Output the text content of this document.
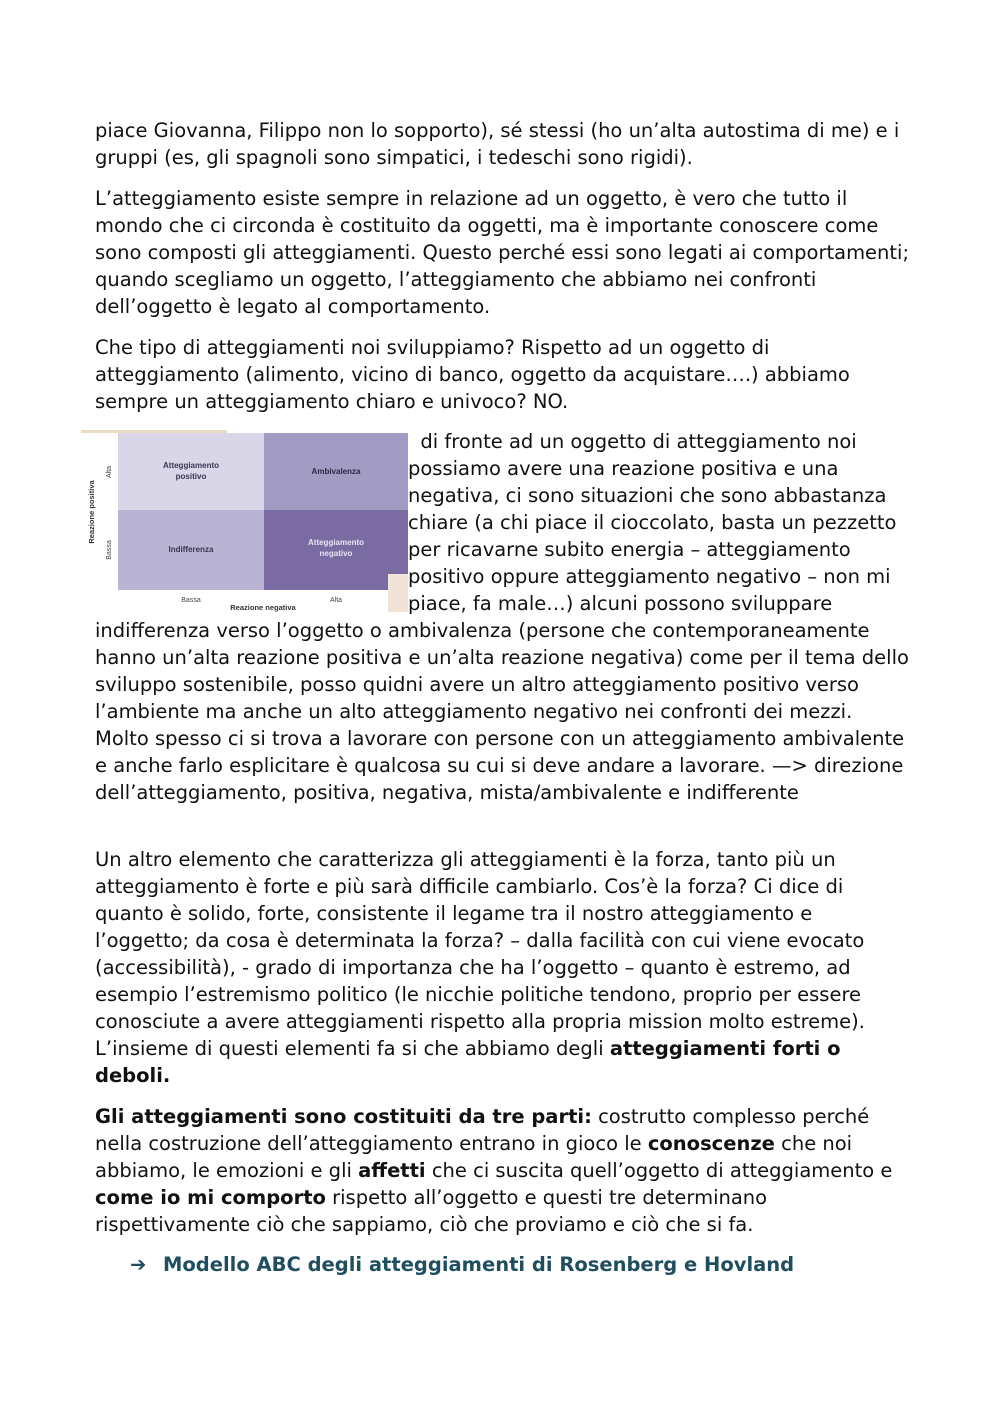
piace Giovanna, Filippo non lo sopporto), sé stessi (ho un’alta autostima di me) e i gruppi (es, gli spagnoli sono simpatici, i tedeschi sono rigidi).

L’atteggiamento esiste sempre in relazione ad un oggetto, è vero che tutto il mondo che ci circonda è costituito da oggetti, ma è importante conoscere come sono composti gli atteggiamenti. Questo perché essi sono legati ai comportamenti; quando scegliamo un oggetto, l’atteggiamento che abbiamo nei confronti dell’oggetto è legato al comportamento.

Che tipo di atteggiamenti noi sviluppiamo? Rispetto ad un oggetto di atteggiamento (alimento, vicino di banco, oggetto da acquistare….) abbiamo sempre un atteggiamento chiaro e univoco? NO.

Atteggiamento
positivo
Ambivalenza
Indifferenza
Atteggiamento
negativo
Reazione positiva
Alta
Bassa
Bassa	Alta
Reazione negativa

di fronte ad un oggetto di atteggiamento noi possiamo avere una reazione positiva e una negativa, ci sono situazioni che sono abbastanza chiare (a chi piace il cioccolato, basta un pezzetto per ricavarne subito energia – atteggiamento positivo oppure atteggiamento negativo – non mi piace, fa male…) alcuni possono sviluppare indifferenza verso l’oggetto o ambivalenza (persone che contemporaneamente hanno un’alta reazione positiva e un’alta reazione negativa) come per il tema dello sviluppo sostenibile, posso quidni avere un altro atteggiamento positivo verso l’ambiente ma anche un alto atteggiamento negativo nei confronti dei mezzi. Molto spesso ci si trova a lavorare con persone con un atteggiamento ambivalente e anche farlo esplicitare è qualcosa su cui si deve andare a lavorare. —> direzione dell’atteggiamento, positiva, negativa, mista/ambivalente e indifferente

Un altro elemento che caratterizza gli atteggiamenti è la forza, tanto più un atteggiamento è forte e più sarà difficile cambiarlo. Cos’è la forza? Ci dice di quanto è solido, forte, consistente il legame tra il nostro atteggiamento e l’oggetto; da cosa è determinata la forza? – dalla facilità con cui viene evocato (accessibilità), - grado di importanza che ha l’oggetto – quanto è estremo, ad esempio l’estremismo politico (le nicchie politiche tendono, proprio per essere conosciute a avere atteggiamenti rispetto alla propria mission molto estreme). L’insieme di questi elementi fa si che abbiamo degli atteggiamenti forti o deboli.

Gli atteggiamenti sono costituiti da tre parti: costrutto complesso perché nella costruzione dell’atteggiamento entrano in gioco le conoscenze che noi abbiamo, le emozioni e gli affetti che ci suscita quell’oggetto di atteggiamento e come io mi comporto rispetto all’oggetto e questi tre determinano rispettivamente ciò che sappiamo, ciò che proviamo e ciò che si fa.

➔ Modello ABC degli atteggiamenti di Rosenberg e Hovland
